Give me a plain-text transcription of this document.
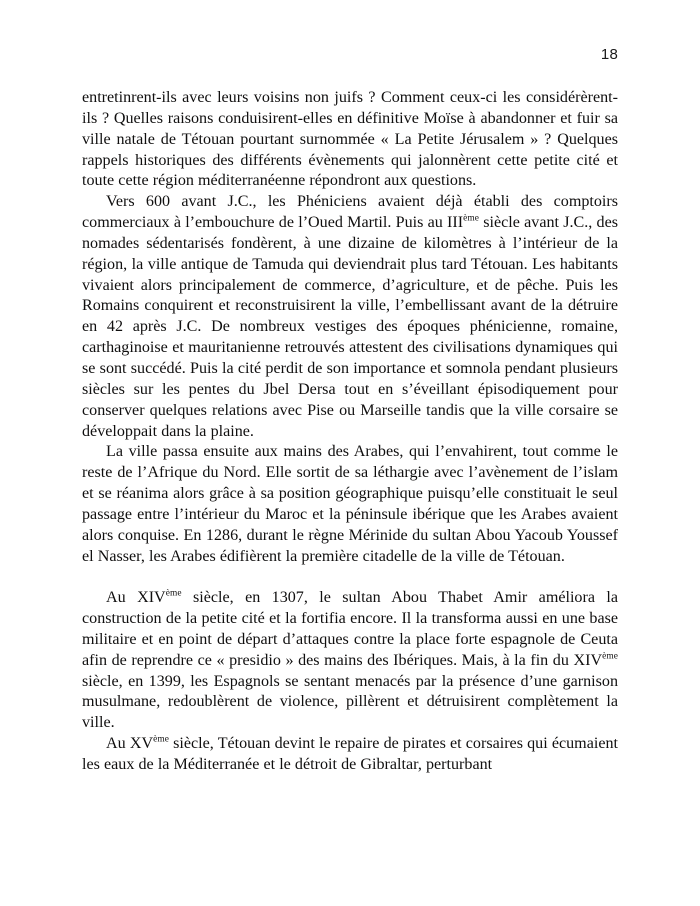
18

entretinrent-ils avec leurs voisins non juifs ? Comment ceux-ci les considérèrent-ils ? Quelles raisons conduisirent-elles en définitive Moïse à abandonner et fuir sa ville natale de Tétouan pourtant surnommée « La Petite Jérusalem » ? Quelques rappels historiques des différents évènements qui jalonnèrent cette petite cité et toute cette région méditerranéenne répondront aux questions.

Vers 600 avant J.C., les Phéniciens avaient déjà établi des comptoirs commerciaux à l’embouchure de l’Oued Martil. Puis au IIIème siècle avant J.C., des nomades sédentarisés fondèrent, à une dizaine de kilomètres à l’intérieur de la région, la ville antique de Tamuda qui deviendrait plus tard Tétouan. Les habitants vivaient alors principalement de commerce, d’agriculture, et de pêche. Puis les Romains conquirent et reconstruisirent la ville, l’embellissant avant de la détruire en 42 après J.C. De nombreux vestiges des époques phénicienne, romaine, carthaginoise et mauritanienne retrouvés attestent des civilisations dynamiques qui se sont succédé. Puis la cité perdit de son importance et somnola pendant plusieurs siècles sur les pentes du Jbel Dersa tout en s’éveillant épisodiquement pour conserver quelques relations avec Pise ou Marseille tandis que la ville corsaire se développait dans la plaine.

La ville passa ensuite aux mains des Arabes, qui l’envahirent, tout comme le reste de l’Afrique du Nord. Elle sortit de sa léthargie avec l’avènement de l’islam et se réanima alors grâce à sa position géographique puisqu’elle constituait le seul passage entre l’intérieur du Maroc et la péninsule ibérique que les Arabes avaient alors conquise. En 1286, durant le règne Mérinide du sultan Abou Yacoub Youssef el Nasser, les Arabes édifièrent la première citadelle de la ville de Tétouan.

Au XIVème siècle, en 1307, le sultan Abou Thabet Amir améliora la construction de la petite cité et la fortifia encore. Il la transforma aussi en une base militaire et en point de départ d’attaques contre la place forte espagnole de Ceuta afin de reprendre ce « presidio » des mains des Ibériques. Mais, à la fin du XIVème siècle, en 1399, les Espagnols se sentant menacés par la présence d’une garnison musulmane, redoublèrent de violence, pillèrent et détruisirent complètement la ville.

Au XVème siècle, Tétouan devint le repaire de pirates et corsaires qui écumaient les eaux de la Méditerranée et le détroit de Gibraltar, perturbant
